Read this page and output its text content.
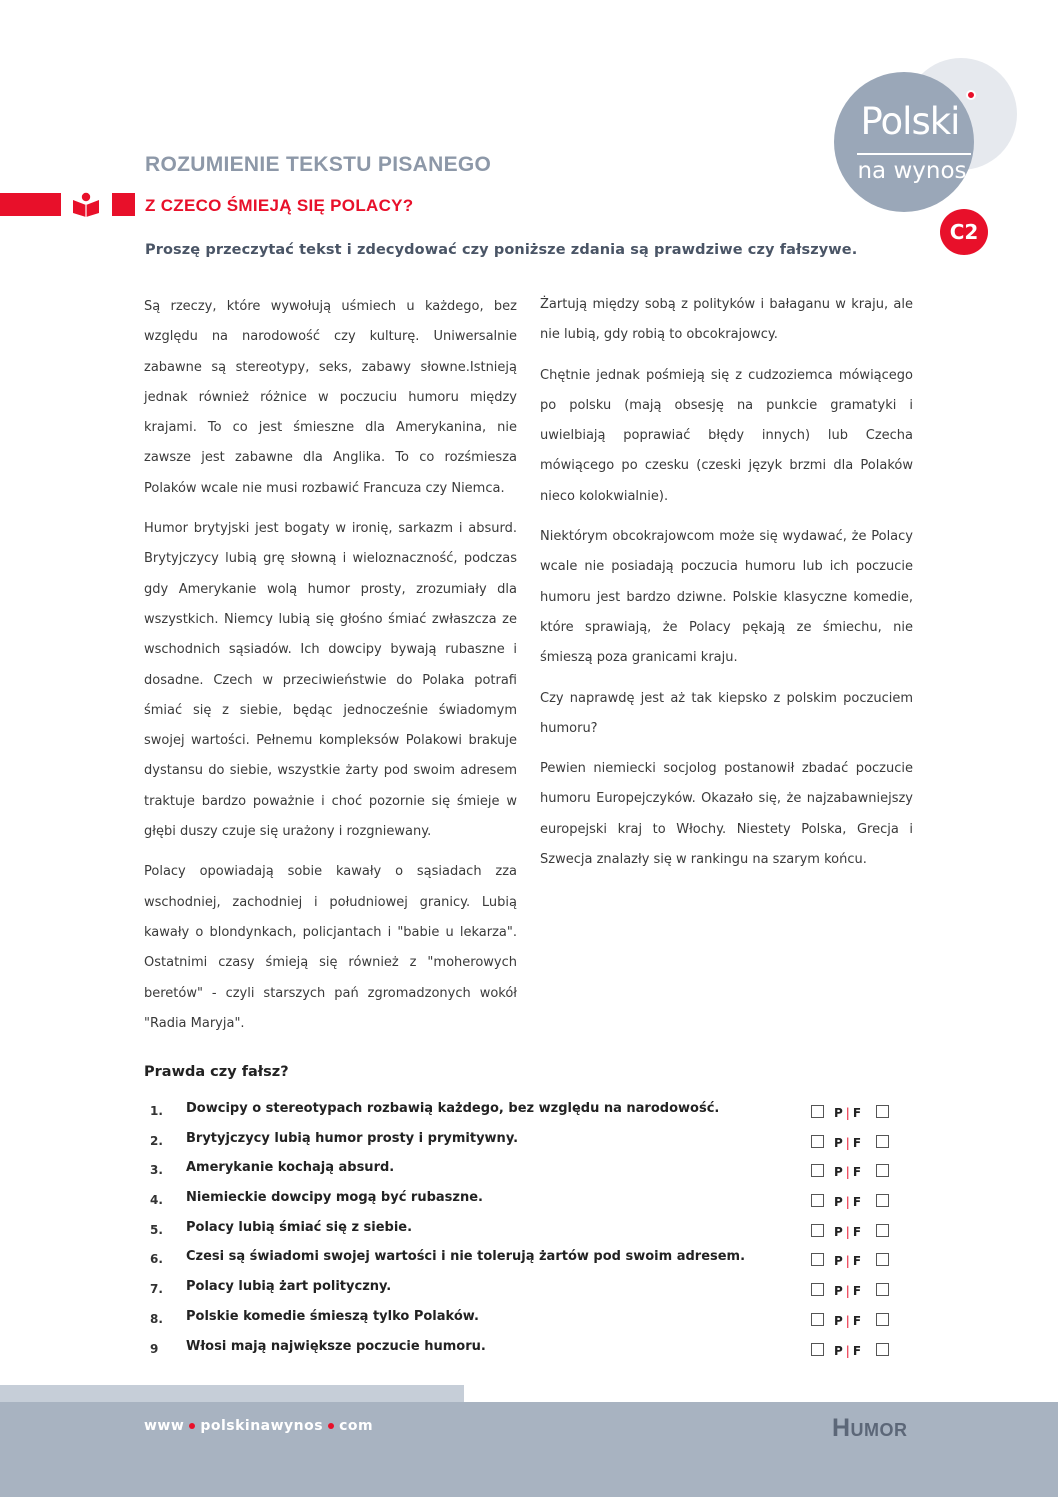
Polski
na wynos
C2
ROZUMIENIE TEKSTU PISANEGO
Z CZECO ŚMIEJĄ SIĘ POLACY?
Proszę przeczytać tekst i zdecydować czy poniższe zdania są prawdziwe czy fałszywe.

Są rzeczy, które wywołują uśmiech u każdego, bez względu na narodowość czy kulturę. Uniwersalnie zabawne są stereotypy, seks, zabawy słowne.Istnieją jednak również różnice w poczuciu humoru między krajami. To co jest śmieszne dla Amerykanina, nie zawsze jest zabawne dla Anglika. To co rozśmiesza Polaków wcale nie musi rozbawić Francuza czy Niemca.

Humor brytyjski jest bogaty w ironię, sarkazm i absurd. Brytyjczycy lubią grę słowną i wieloznaczność, podczas gdy Amerykanie wolą humor prosty, zrozumiały dla wszystkich. Niemcy lubią się głośno śmiać zwłaszcza ze wschodnich sąsiadów. Ich dowcipy bywają rubaszne i dosadne. Czech w przeciwieństwie do Polaka potrafi śmiać się z siebie, będąc jednocześnie świadomym swojej wartości. Pełnemu kompleksów Polakowi brakuje dystansu do siebie, wszystkie żarty pod swoim adresem traktuje bardzo poważnie i choć pozornie się śmieje w głębi duszy czuje się urażony i rozgniewany.

Polacy opowiadają sobie kawały o sąsiadach zza wschodniej, zachodniej i południowej granicy. Lubią kawały o blondynkach, policjantach i "babie u lekarza". Ostatnimi czasy śmieją się również z "moherowych beretów" - czyli starszych pań zgromadzonych wokół "Radia Maryja".

Żartują między sobą z polityków i bałaganu w kraju, ale nie lubią, gdy robią to obcokrajowcy.

Chętnie jednak pośmieją się z cudzoziemca mówiącego po polsku (mają obsesję na punkcie gramatyki i uwielbiają poprawiać błędy innych) lub Czecha mówiącego po czesku (czeski język brzmi dla Polaków nieco kolokwialnie).

Niektórym obcokrajowcom może się wydawać, że Polacy wcale nie posiadają poczucia humoru lub ich poczucie humoru jest bardzo dziwne. Polskie klasyczne komedie, które sprawiają, że Polacy pękają ze śmiechu, nie śmieszą poza granicami kraju.

Czy naprawdę jest aż tak kiepsko z polskim poczuciem humoru?

Pewien niemiecki socjolog postanowił zbadać poczucie humoru Europejczyków. Okazało się, że najzabawniejszy europejski kraj to Włochy. Niestety Polska, Grecja i Szwecja znalazły się w rankingu na szarym końcu.

Prawda czy fałsz?
1.	Dowcipy o stereotypach rozbawią każdego, bez względu na narodowość.	P | F
2.	Brytyjczycy lubią humor prosty i prymitywny.	P | F
3.	Amerykanie kochają absurd.	P | F
4.	Niemieckie dowcipy mogą być rubaszne.	P | F
5.	Polacy lubią śmiać się z siebie.	P | F
6.	Czesi są świadomi swojej wartości i nie tolerują żartów pod swoim adresem.	P | F
7.	Polacy lubią żart polityczny.	P | F
8.	Polskie komedie śmieszą tylko Polaków.	P | F
9	Włosi mają największe poczucie humoru.	P | F
www polskinawynos com	Humor
